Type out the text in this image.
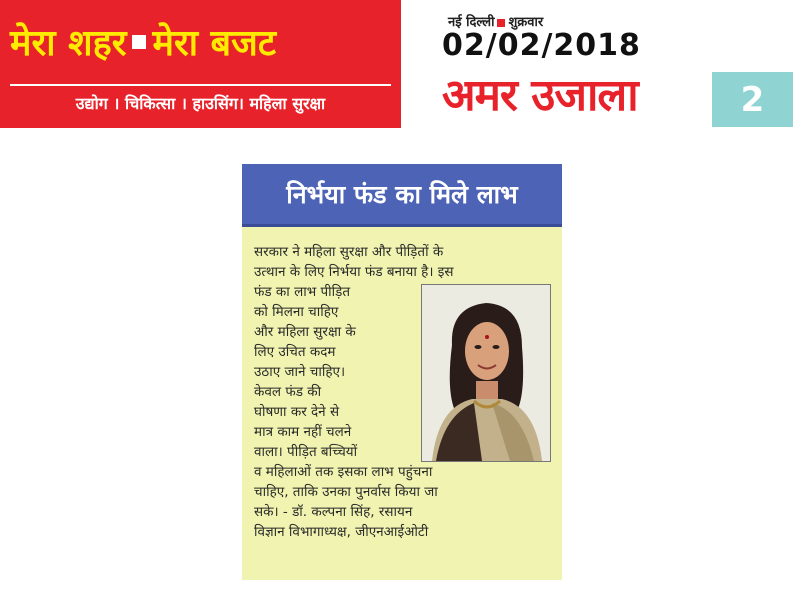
मेरा शहर मेरा बजट
उद्योग । चिकित्सा । हाउसिंग। महिला सुरक्षा
नई दिल्ली शुक्रवार
02/02/2018
अमर उजाला	2
निर्भया फंड का मिले लाभ
सरकार ने महिला सुरक्षा और पीड़ितों के
उत्थान के लिए निर्भया फंड बनाया है। इस
फंड का लाभ पीड़ित
को मिलना चाहिए
और महिला सुरक्षा के
लिए उचित कदम
उठाए जाने चाहिए।
केवल फंड की
घोषणा कर देने से
मात्र काम नहीं चलने
वाला। पीड़ित बच्चियों
व महिलाओं तक इसका लाभ पहुंचना
चाहिए, ताकि उनका पुनर्वास किया जा
सके। - डॉ. कल्पना सिंह, रसायन
विज्ञान विभागाध्यक्ष, जीएनआईओटी
